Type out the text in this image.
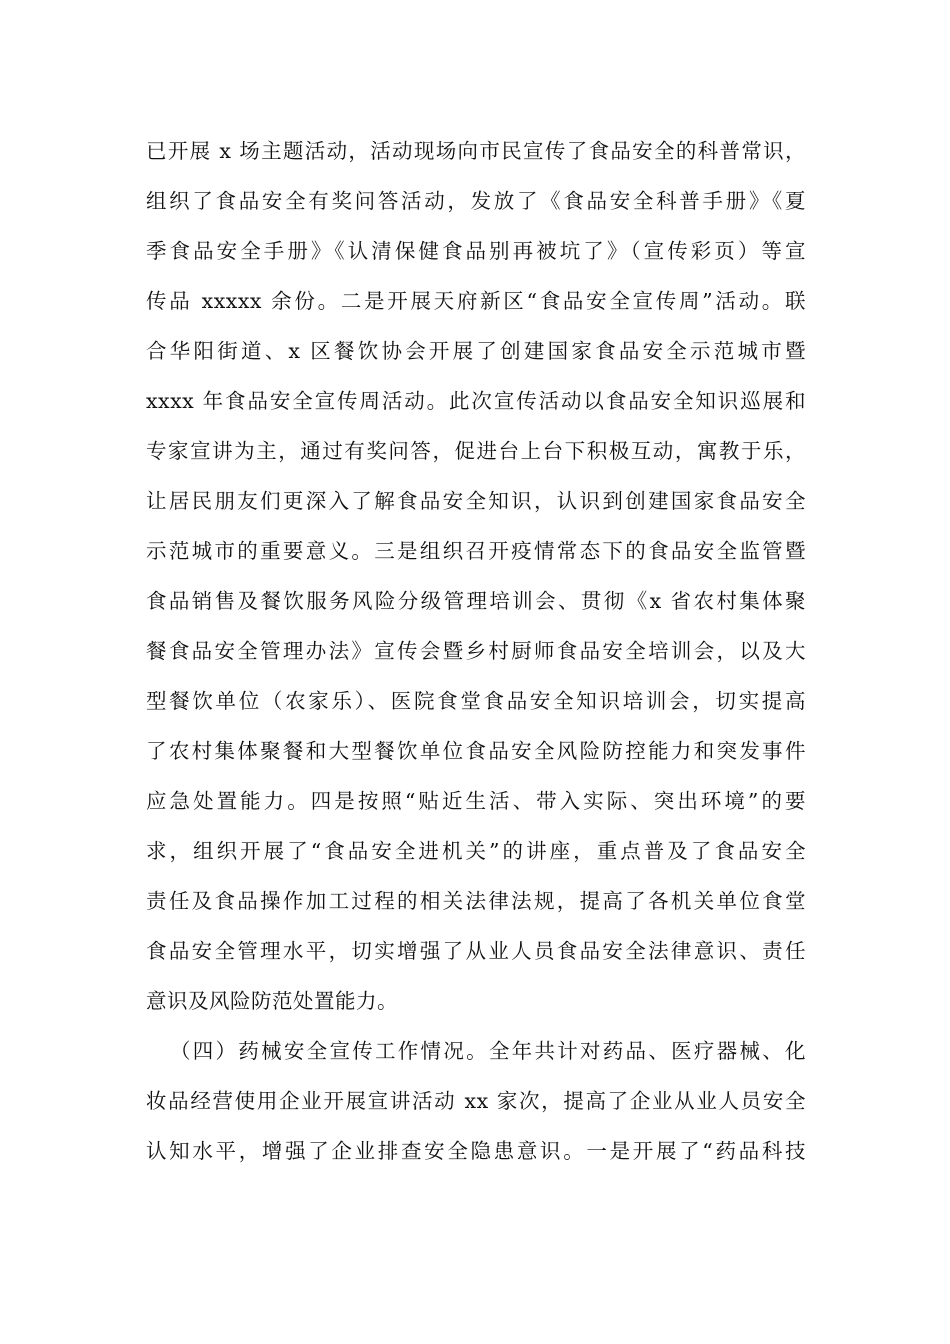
已开展 x 场主题活动，活动现场向市民宣传了食品安全的科普常识，
组织了食品安全有奖问答活动，发放了《食品安全科普手册》《夏
季食品安全手册》《认清保健食品别再被坑了》（宣传彩页）等宣
传品 xxxxx 余份。二是开展天府新区“食品安全宣传周”活动。联
合华阳街道、x 区餐饮协会开展了创建国家食品安全示范城市暨
xxxx 年食品安全宣传周活动。此次宣传活动以食品安全知识巡展和
专家宣讲为主，通过有奖问答，促进台上台下积极互动，寓教于乐，
让居民朋友们更深入了解食品安全知识，认识到创建国家食品安全
示范城市的重要意义。三是组织召开疫情常态下的食品安全监管暨
食品销售及餐饮服务风险分级管理培训会、贯彻《x 省农村集体聚
餐食品安全管理办法》宣传会暨乡村厨师食品安全培训会，以及大
型餐饮单位（农家乐）、医院食堂食品安全知识培训会，切实提高
了农村集体聚餐和大型餐饮单位食品安全风险防控能力和突发事件
应急处置能力。四是按照“贴近生活、带入实际、突出环境”的要
求，组织开展了“食品安全进机关”的讲座，重点普及了食品安全
责任及食品操作加工过程的相关法律法规，提高了各机关单位食堂
食品安全管理水平，切实增强了从业人员食品安全法律意识、责任
意识及风险防范处置能力。
（四）药械安全宣传工作情况。全年共计对药品、医疗器械、化
妆品经营使用企业开展宣讲活动 xx 家次，提高了企业从业人员安全
认知水平，增强了企业排查安全隐患意识。一是开展了“药品科技
